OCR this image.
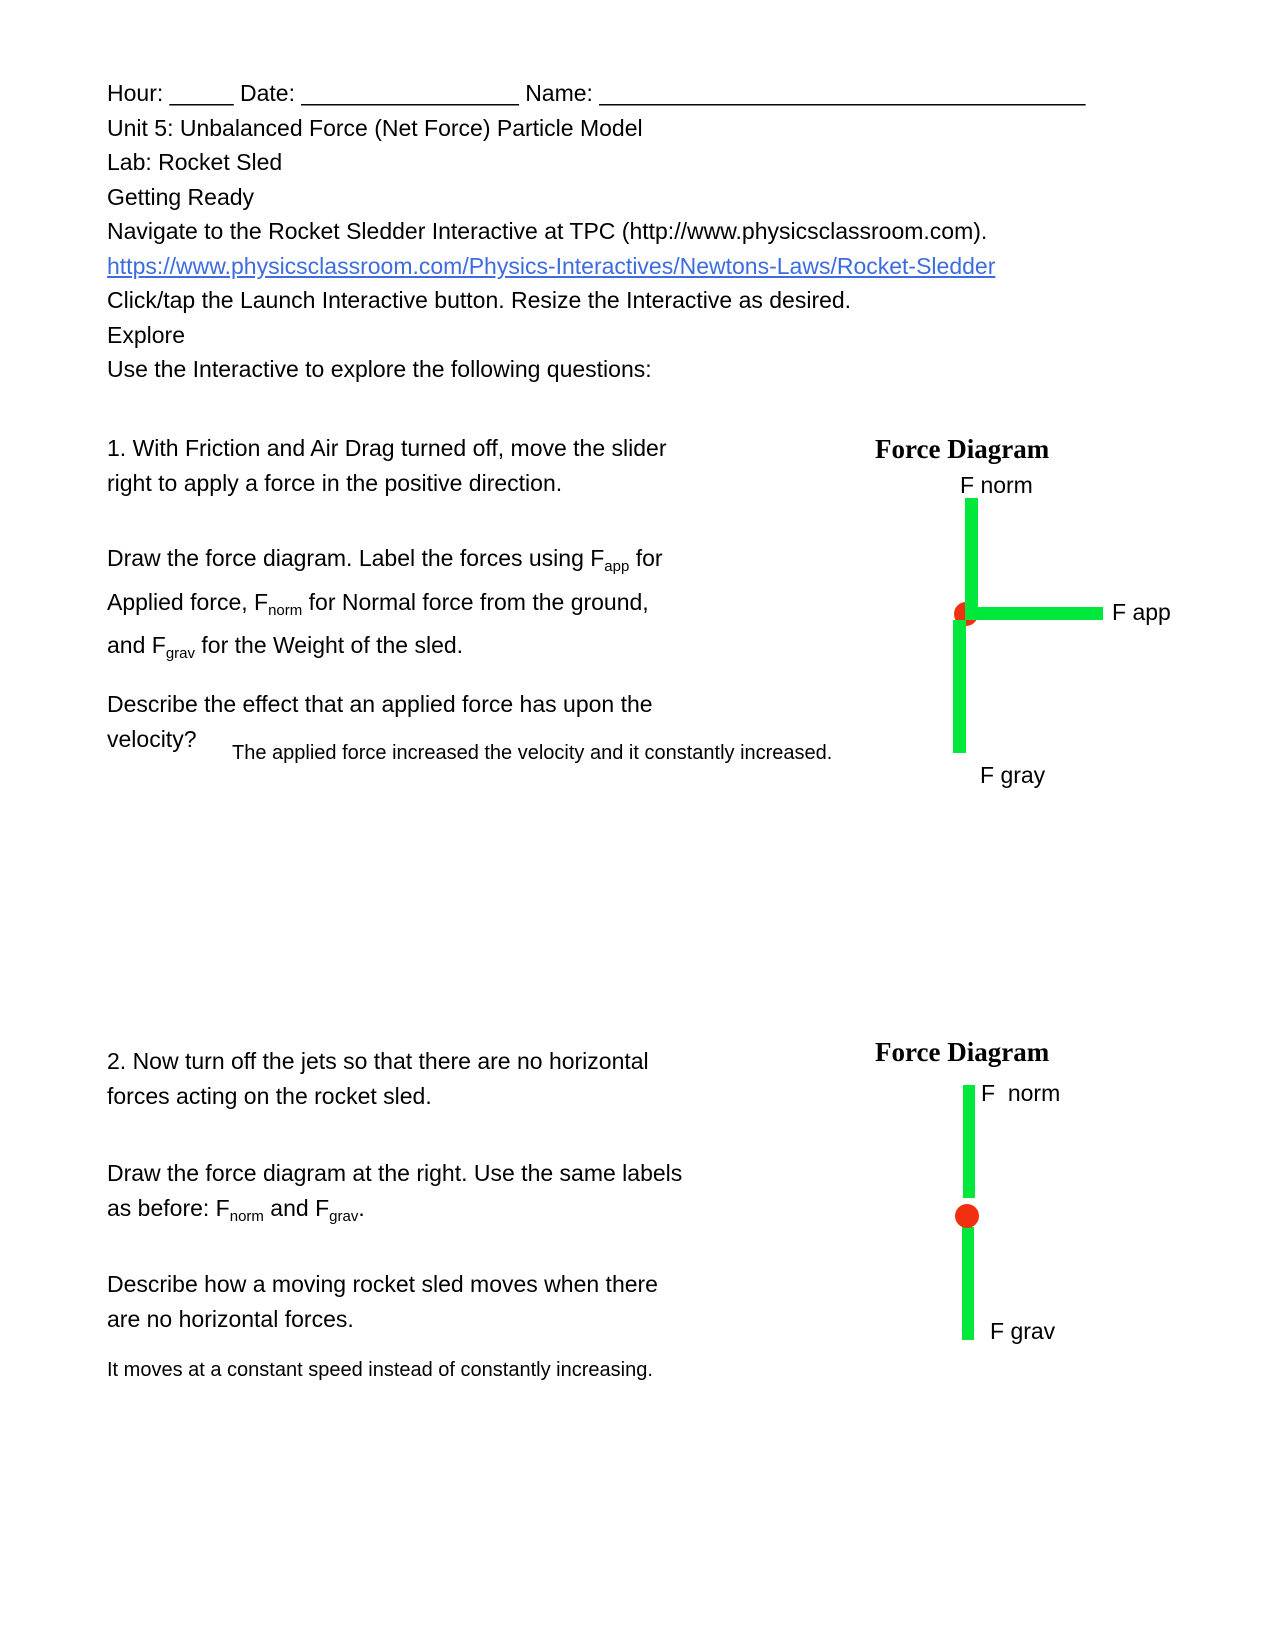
Hour: _____ Date: _________________ Name: ______________________________________
Unit 5: Unbalanced Force (Net Force) Particle Model
Lab: Rocket Sled
Getting Ready
Navigate to the Rocket Sledder Interactive at TPC (http://www.physicsclassroom.com).
https://www.physicsclassroom.com/Physics-Interactives/Newtons-Laws/Rocket-Sledder
Click/tap the Launch Interactive button. Resize the Interactive as desired.
Explore
Use the Interactive to explore the following questions:
1. With Friction and Air Drag turned off, move the slider
right to apply a force in the positive direction.
Draw the force diagram. Label the forces using $F_{app}$ for
Applied force, $F_{norm}$ for Normal force from the ground,
and $F_{grav}$ for the Weight of the sled.
Describe the effect that an applied force has upon the
velocity?
The applied force increased the velocity and it constantly increased.
Force Diagram
F norm
F app
F gray
2. Now turn off the jets so that there are no horizontal
forces acting on the rocket sled.
Draw the force diagram at the right. Use the same labels
as before: $F_{norm}$ and $F_{grav}$.
Describe how a moving rocket sled moves when there
are no horizontal forces.
It moves at a constant speed instead of constantly increasing.
Force Diagram
F  norm
F grav
